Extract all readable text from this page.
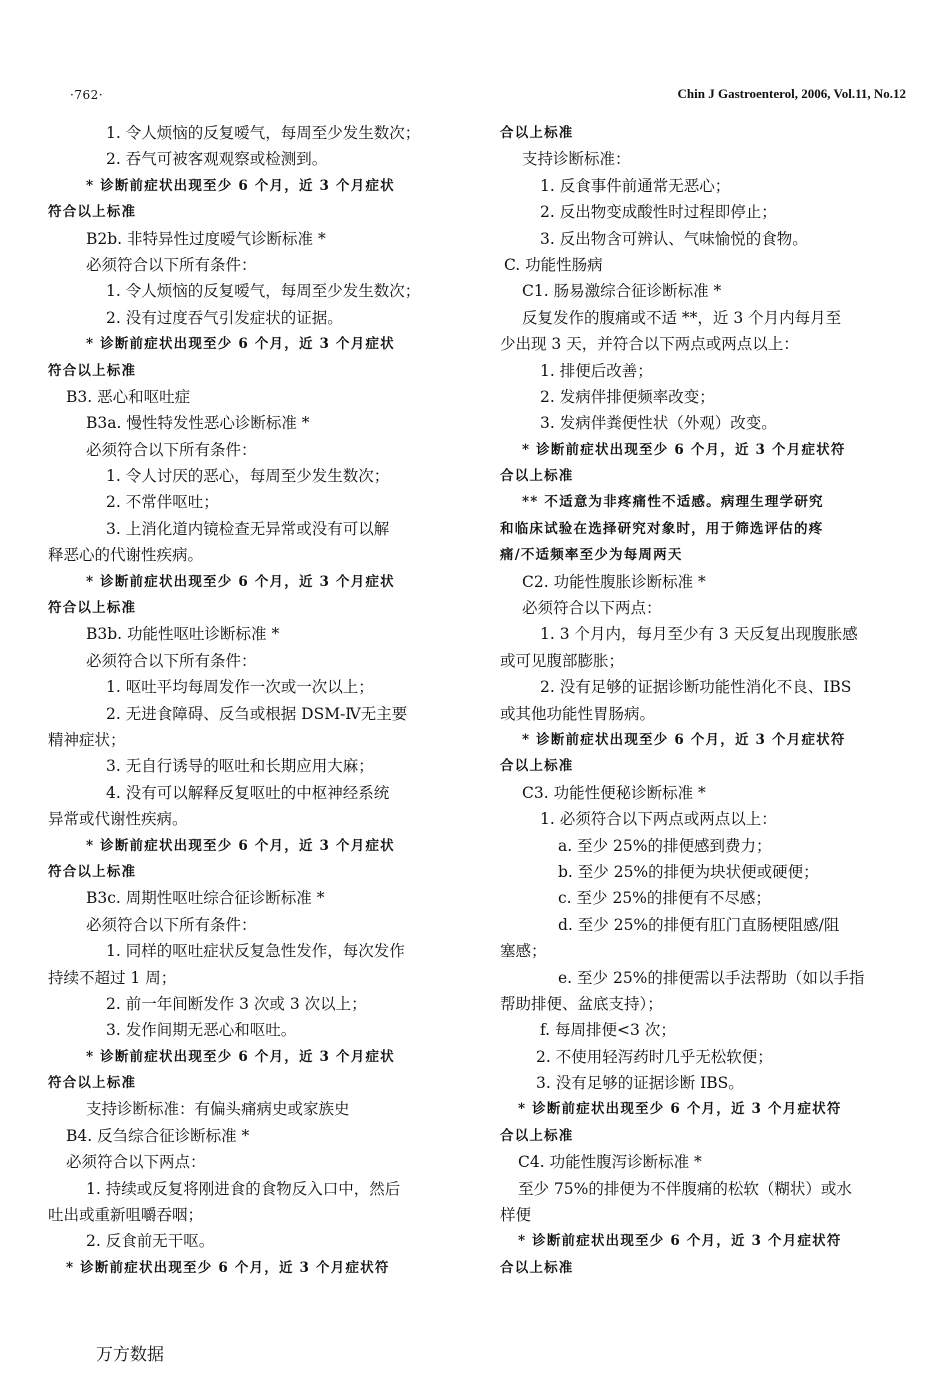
·762·	Chin J Gastroenterol, 2006, Vol.11, No.12
1. 令人烦恼的反复嗳气，每周至少发生数次；
2. 吞气可被客观观察或检测到。
* 诊断前症状出现至少 6 个月，近 3 个月症状
符合以上标准
B2b. 非特异性过度嗳气诊断标准 *
必须符合以下所有条件：
1. 令人烦恼的反复嗳气，每周至少发生数次；
2. 没有过度吞气引发症状的证据。
* 诊断前症状出现至少 6 个月，近 3 个月症状
符合以上标准
B3. 恶心和呕吐症
B3a. 慢性特发性恶心诊断标准 *
必须符合以下所有条件：
1. 令人讨厌的恶心，每周至少发生数次；
2. 不常伴呕吐；
3. 上消化道内镜检查无异常或没有可以解
释恶心的代谢性疾病。
* 诊断前症状出现至少 6 个月，近 3 个月症状
符合以上标准
B3b. 功能性呕吐诊断标准 *
必须符合以下所有条件：
1. 呕吐平均每周发作一次或一次以上；
2. 无进食障碍、反刍或根据 DSM-Ⅳ无主要
精神症状；
3. 无自行诱导的呕吐和长期应用大麻；
4. 没有可以解释反复呕吐的中枢神经系统
异常或代谢性疾病。
* 诊断前症状出现至少 6 个月，近 3 个月症状
符合以上标准
B3c. 周期性呕吐综合征诊断标准 *
必须符合以下所有条件：
1. 同样的呕吐症状反复急性发作，每次发作
持续不超过 1 周；
2. 前一年间断发作 3 次或 3 次以上；
3. 发作间期无恶心和呕吐。
* 诊断前症状出现至少 6 个月，近 3 个月症状
符合以上标准
支持诊断标准：有偏头痛病史或家族史
B4. 反刍综合征诊断标准 *
必须符合以下两点：
1. 持续或反复将刚进食的食物反入口中，然后
吐出或重新咀嚼吞咽；
2. 反食前无干呕。
* 诊断前症状出现至少 6 个月，近 3 个月症状符
合以上标准
支持诊断标准：
1. 反食事件前通常无恶心；
2. 反出物变成酸性时过程即停止；
3. 反出物含可辨认、气味愉悦的食物。
C. 功能性肠病
C1. 肠易激综合征诊断标准 *
反复发作的腹痛或不适 **，近 3 个月内每月至
少出现 3 天，并符合以下两点或两点以上：
1. 排便后改善；
2. 发病伴排便频率改变；
3. 发病伴粪便性状（外观）改变。
* 诊断前症状出现至少 6 个月，近 3 个月症状符
合以上标准
** 不适意为非疼痛性不适感。病理生理学研究
和临床试验在选择研究对象时，用于筛选评估的疼
痛/不适频率至少为每周两天
C2. 功能性腹胀诊断标准 *
必须符合以下两点：
1. 3 个月内，每月至少有 3 天反复出现腹胀感
或可见腹部膨胀；
2. 没有足够的证据诊断功能性消化不良、IBS
或其他功能性胃肠病。
* 诊断前症状出现至少 6 个月，近 3 个月症状符
合以上标准
C3. 功能性便秘诊断标准 *
1. 必须符合以下两点或两点以上：
a. 至少 25%的排便感到费力；
b. 至少 25%的排便为块状便或硬便；
c. 至少 25%的排便有不尽感；
d. 至少 25%的排便有肛门直肠梗阻感/阻
塞感；
e. 至少 25%的排便需以手法帮助（如以手指
帮助排便、盆底支持）；
f. 每周排便<3 次；
2. 不使用轻泻药时几乎无松软便；
3. 没有足够的证据诊断 IBS。
* 诊断前症状出现至少 6 个月，近 3 个月症状符
合以上标准
C4. 功能性腹泻诊断标准 *
至少 75%的排便为不伴腹痛的松软（糊状）或水
样便
* 诊断前症状出现至少 6 个月，近 3 个月症状符
合以上标准
万方数据
